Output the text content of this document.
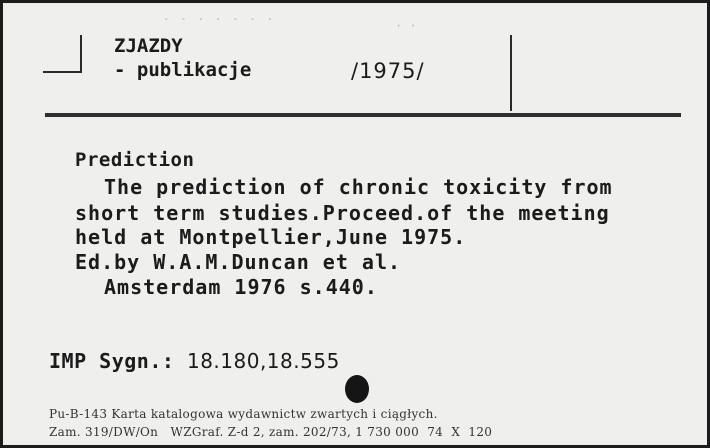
· · · · · · ·	· ·
ZJAZDY
- publikacje	/1975/
Prediction
The prediction of chronic toxicity from
short term studies.Proceed.of the meeting
held at Montpellier,June 1975.
Ed.by W.A.M.Duncan et al.
Amsterdam 1976 s.440.
IMP Sygn.: 18.180,18.555
Pu-B-143 Karta katalogowa wydawnictw zwartych i ciągłych.
Zam. 319/DW/On   WZGraf. Z-d 2, zam. 202/73, 1 730 000  74  X  120
